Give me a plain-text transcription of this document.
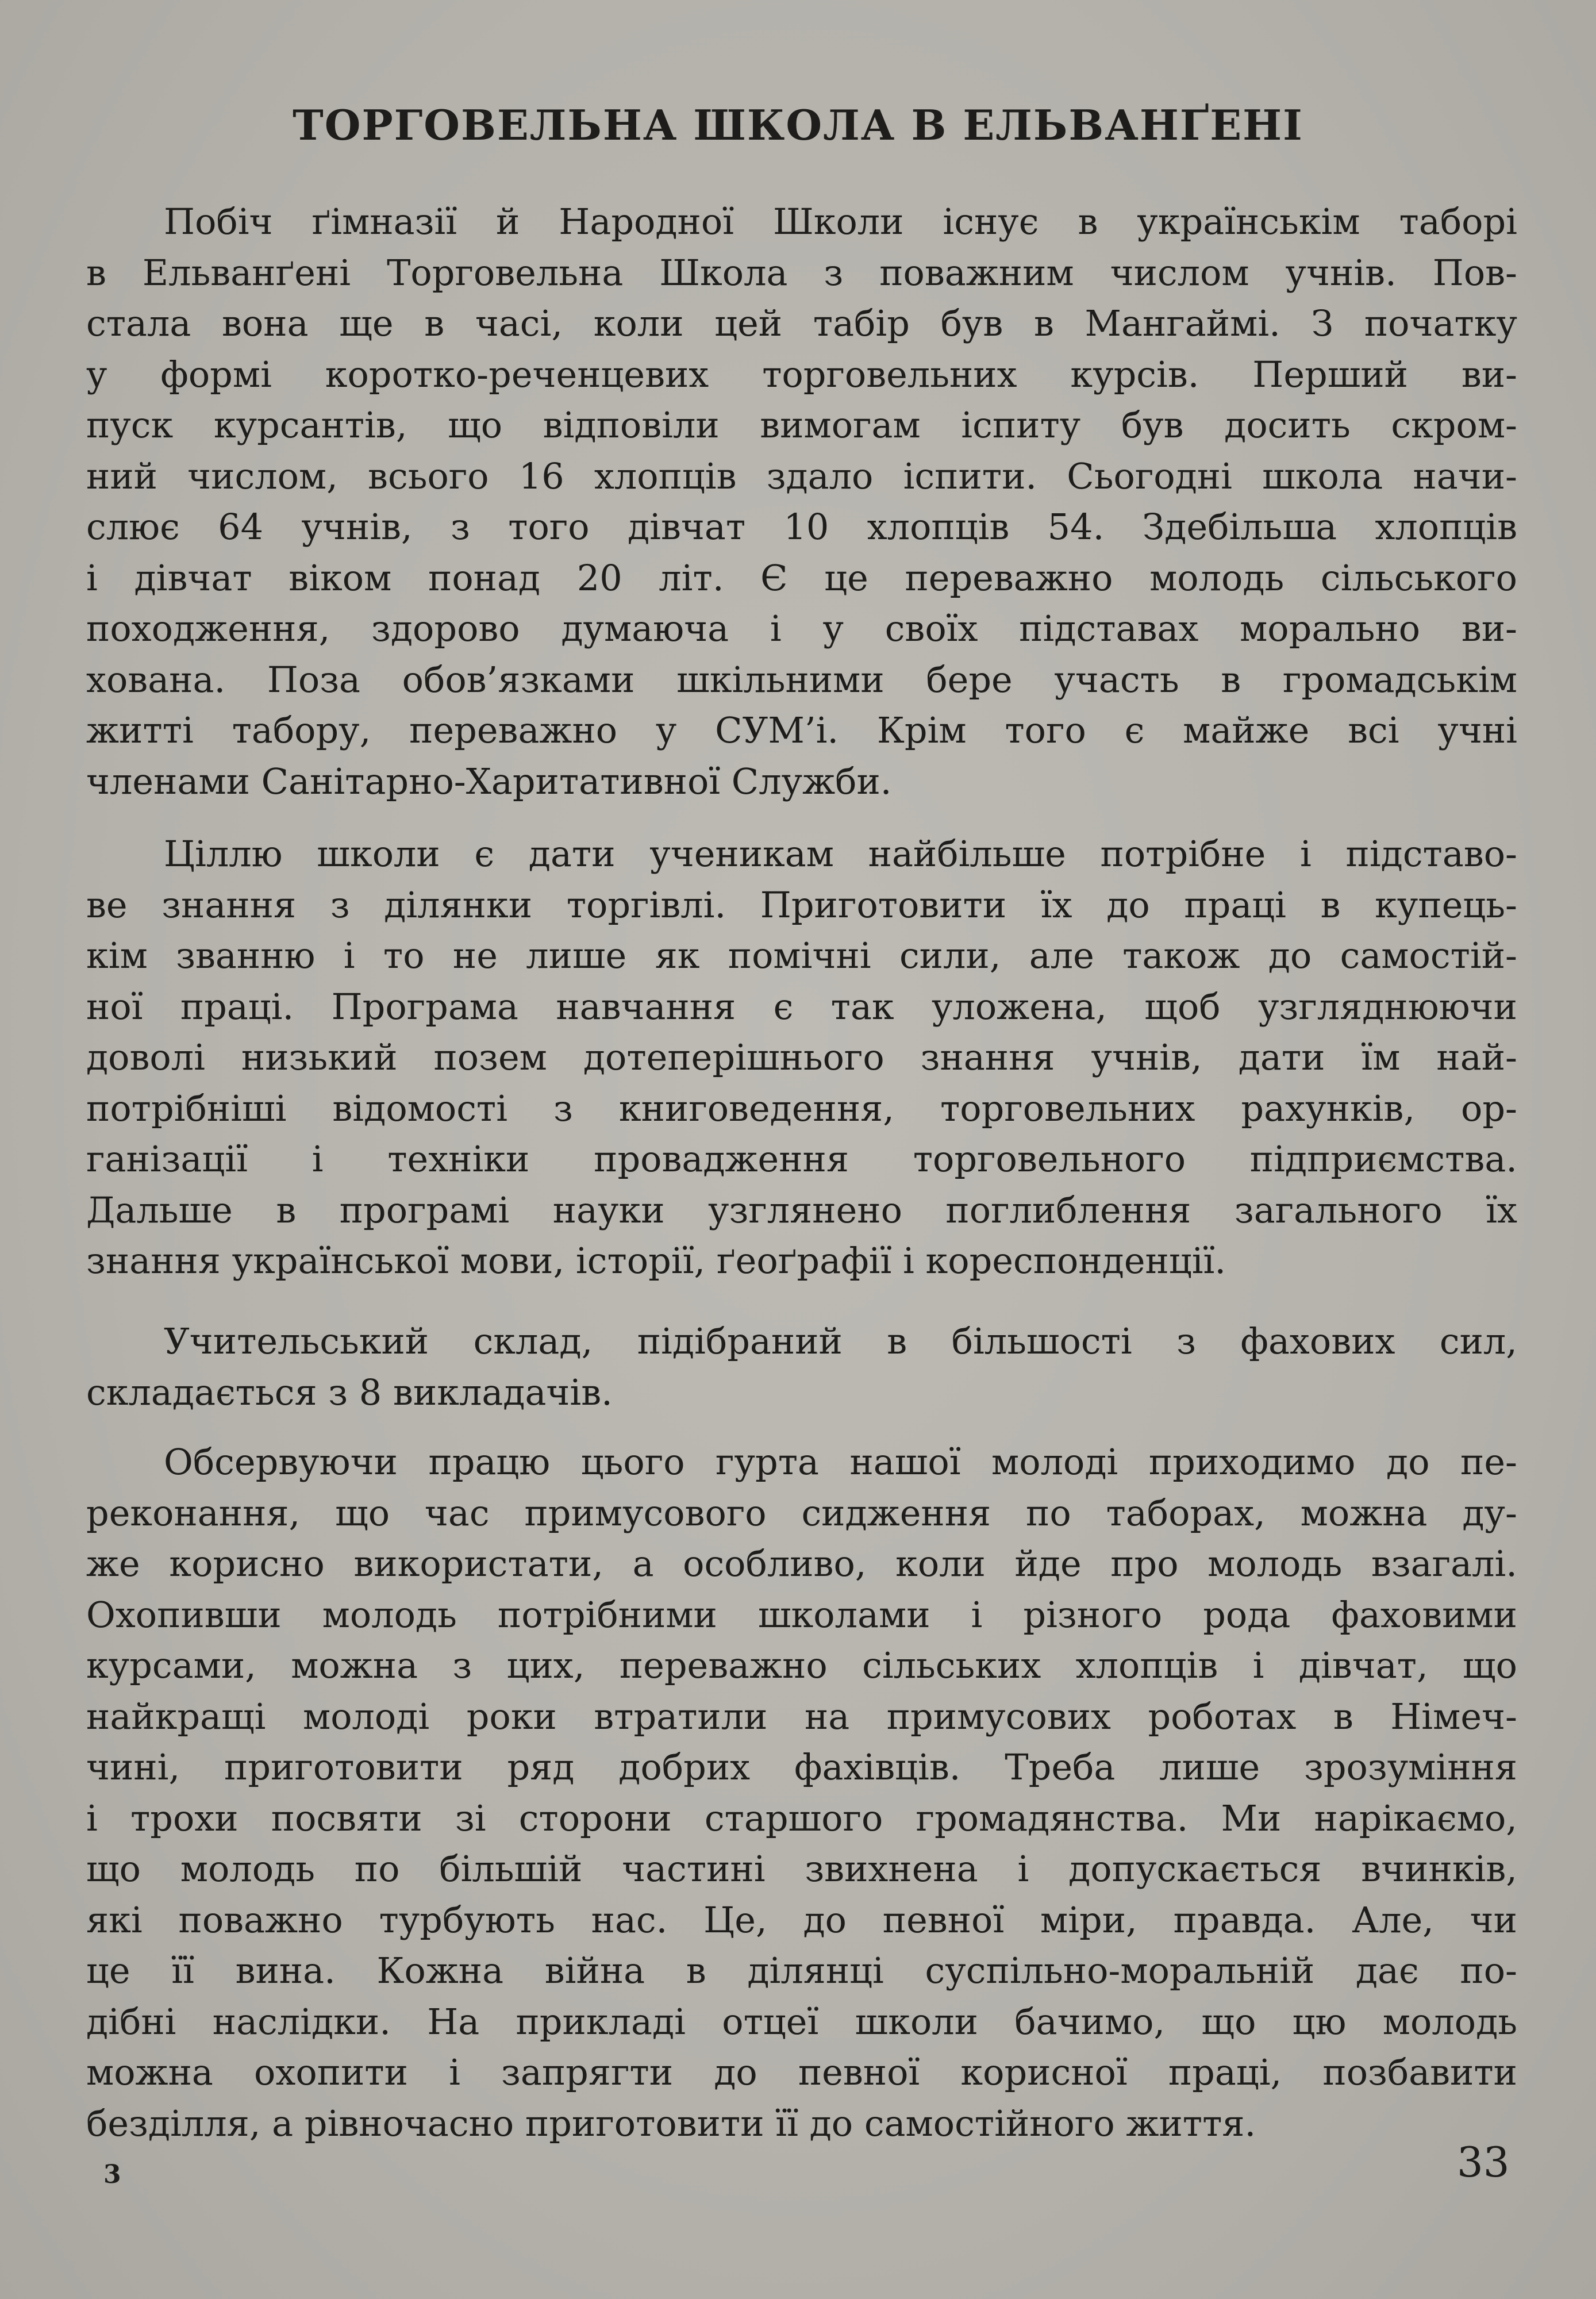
ТОРГОВЕЛЬНА ШКОЛА В ЕЛЬВАНҐЕНІ
Побіч ґімназії й Народної Школи існує в українськім таборі
в Ельванґені Торговельна Школа з поважним числом учнів. Пов-
стала вона ще в часі, коли цей табір був в Мангаймі. З початку
у формі коротко-реченцевих торговельних курсів. Перший ви-
пуск курсантів, що відповіли вимогам іспиту був досить скром-
ний числом, всього 16 хлопців здало іспити. Сьогодні школа начи-
слює 64 учнів, з того дівчат 10 хлопців 54. Здебільша хлопців
і дівчат віком понад 20 літ. Є це переважно молодь сільського
походження, здорово думаюча і у своїх підставах морально ви-
хована. Поза обов’язками шкільними бере участь в громадськім
житті табору, переважно у СУМ’і. Крім того є майже всі учні
членами Санітарно-Харитативної Служби.
Ціллю школи є дати ученикам найбільше потрібне і підставо-
ве знання з ділянки торгівлі. Приготовити їх до праці в купець-
кім званню і то не лише як помічні сили, але також до самостій-
ної праці. Програма навчання є так уложена, щоб узгляднюючи
доволі низький позем дотеперішнього знання учнів, дати їм най-
потрібніші відомості з книговедення, торговельних рахунків, ор-
ганізації і техніки провадження торговельного підприємства.
Дальше в програмі науки узглянено поглиблення загального їх
знання української мови, історії, ґеоґрафії і кореспонденції.
Учительський склад, підібраний в більшості з фахових сил,
складається з 8 викладачів.
Обсервуючи працю цього гурта нашої молоді приходимо до пе-
реконання, що час примусового сидження по таборах, можна ду-
же корисно використати, а особливо, коли йде про молодь взагалі.
Охопивши молодь потрібними школами і різного рода фаховими
курсами, можна з цих, переважно сільських хлопців і дівчат, що
найкращі молоді роки втратили на примусових роботах в Німеч-
чині, приготовити ряд добрих фахівців. Треба лише зрозуміння
і трохи посвяти зі сторони старшого громадянства. Ми нарікаємо,
що молодь по більшій частині звихнена і допускається вчинків,
які поважно турбують нас. Це, до певної міри, правда. Але, чи
це її вина. Кожна війна в ділянці суспільно-моральній дає по-
дібні наслідки. На прикладі отцеї школи бачимо, що цю молодь
можна охопити і запрягти до певної корисної праці, позбавити
безділля, а рівночасно приготовити її до самостійного життя.
3	33
